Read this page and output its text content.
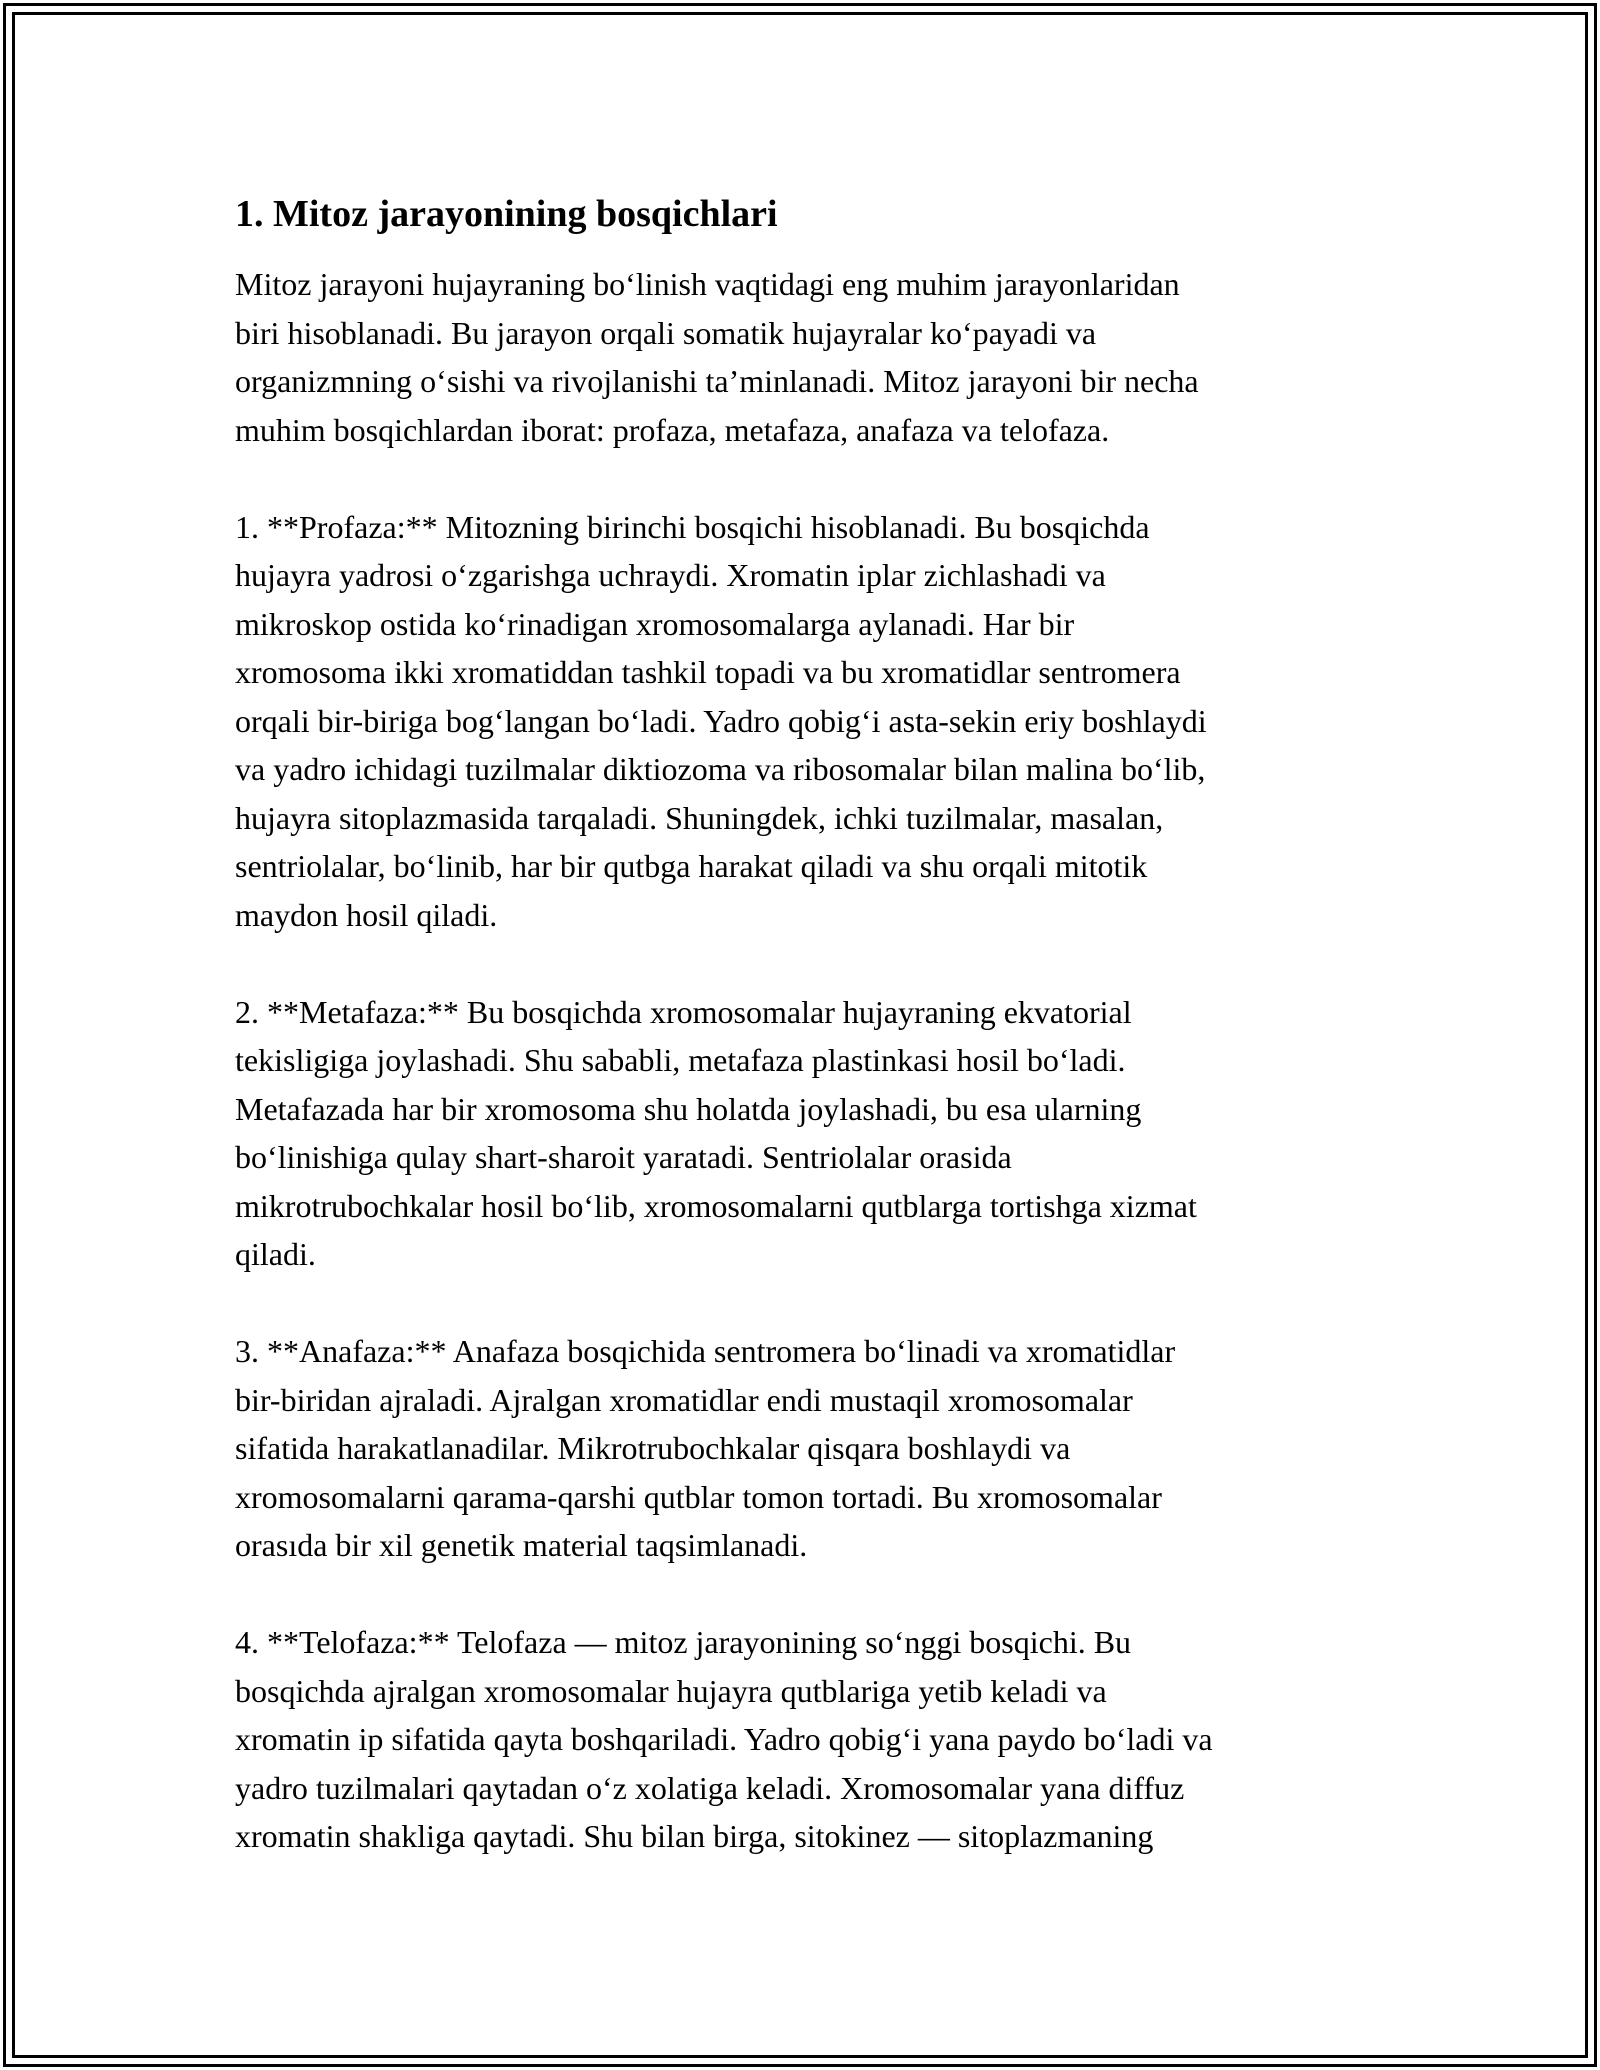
1. Mitoz jarayonining bosqichlari

Mitoz jarayoni hujayraning bo‘linish vaqtidagi eng muhim jarayonlaridan
biri hisoblanadi. Bu jarayon orqali somatik hujayralar ko‘payadi va
organizmning o‘sishi va rivojlanishi ta’minlanadi. Mitoz jarayoni bir necha
muhim bosqichlardan iborat: profaza, metafaza, anafaza va telofaza.

1. **Profaza:** Mitozning birinchi bosqichi hisoblanadi. Bu bosqichda
hujayra yadrosi o‘zgarishga uchraydi. Xromatin iplar zichlashadi va
mikroskop ostida ko‘rinadigan xromosomalarga aylanadi. Har bir
xromosoma ikki xromatiddan tashkil topadi va bu xromatidlar sentromera
orqali bir-biriga bog‘langan bo‘ladi. Yadro qobig‘i asta-sekin eriy boshlaydi
va yadro ichidagi tuzilmalar diktiozoma va ribosomalar bilan malina bo‘lib,
hujayra sitoplazmasida tarqaladi. Shuningdek, ichki tuzilmalar, masalan,
sentriolalar, bo‘linib, har bir qutbga harakat qiladi va shu orqali mitotik
maydon hosil qiladi.

2. **Metafaza:** Bu bosqichda xromosomalar hujayraning ekvatorial
tekisligiga joylashadi. Shu sababli, metafaza plastinkasi hosil bo‘ladi.
Metafazada har bir xromosoma shu holatda joylashadi, bu esa ularning
bo‘linishiga qulay shart-sharoit yaratadi. Sentriolalar orasida
mikrotrubochkalar hosil bo‘lib, xromosomalarni qutblarga tortishga xizmat
qiladi.

3. **Anafaza:** Anafaza bosqichida sentromera bo‘linadi va xromatidlar
bir-biridan ajraladi. Ajralgan xromatidlar endi mustaqil xromosomalar
sifatida harakatlanadilar. Mikrotrubochkalar qisqara boshlaydi va
xromosomalarni qarama-qarshi qutblar tomon tortadi. Bu xromosomalar
orasıda bir xil genetik material taqsimlanadi.

4. **Telofaza:** Telofaza — mitoz jarayonining so‘nggi bosqichi. Bu
bosqichda ajralgan xromosomalar hujayra qutblariga yetib keladi va
xromatin ip sifatida qayta boshqariladi. Yadro qobig‘i yana paydo bo‘ladi va
yadro tuzilmalari qaytadan o‘z xolatiga keladi. Xromosomalar yana diffuz
xromatin shakliga qaytadi. Shu bilan birga, sitokinez — sitoplazmaning
